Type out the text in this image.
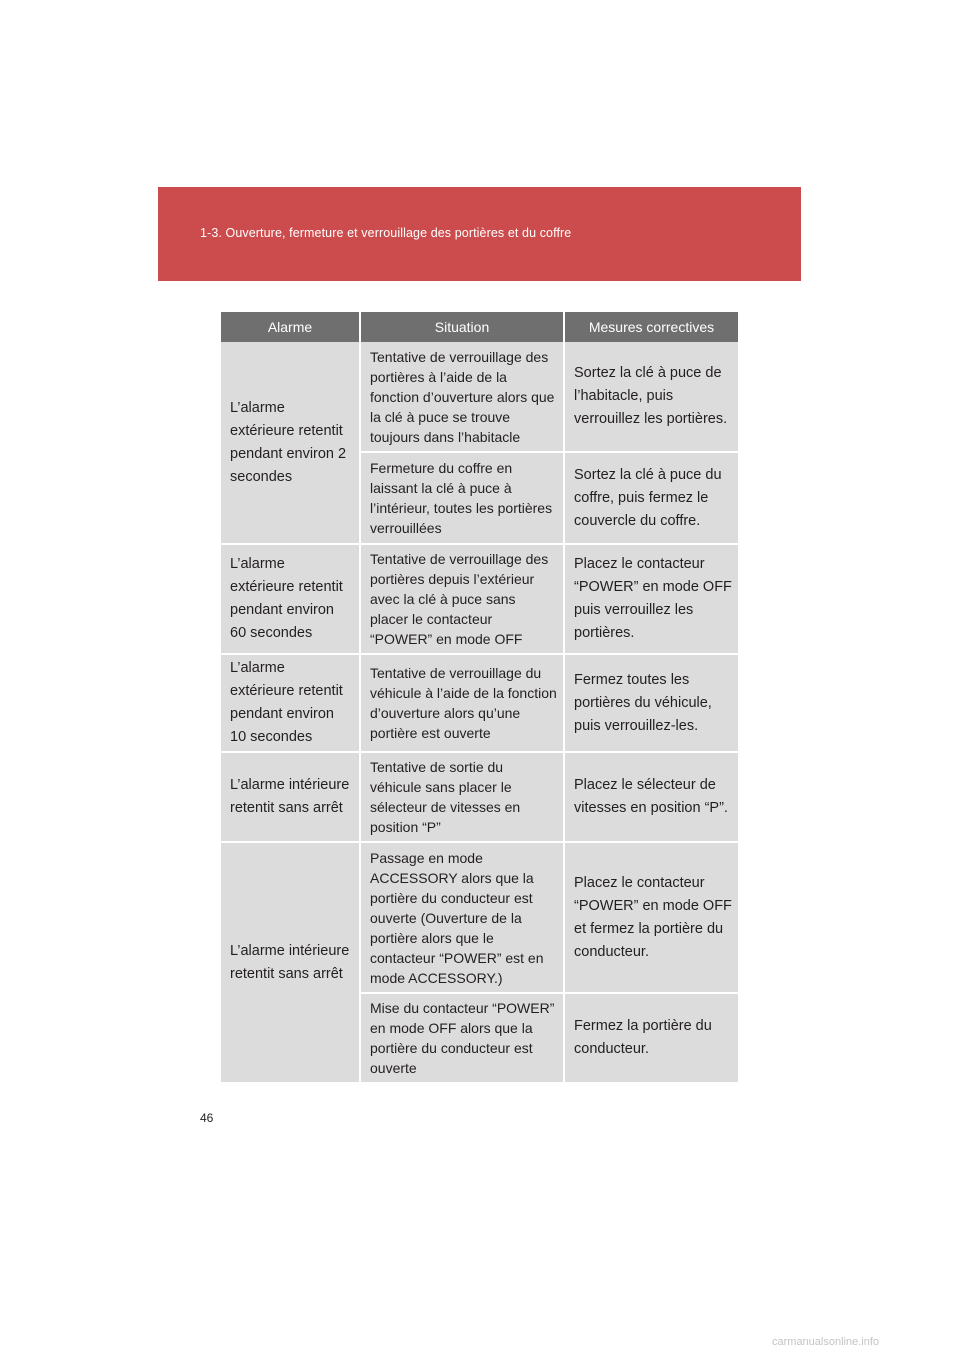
1-3. Ouverture, fermeture et verrouillage des portières et du coffre
Alarme	Situation	Mesures correctives
L’alarme extérieure retentit pendant environ 2 secondes	Tentative de verrouillage des portières à l’aide de la fonction d’ouverture alors que la clé à puce se trouve toujours dans l’habitacle	Sortez la clé à puce de l’habitacle, puis verrouillez les portières.
	Fermeture du coffre en laissant la clé à puce à l’intérieur, toutes les portières verrouillées	Sortez la clé à puce du coffre, puis fermez le couvercle du coffre.
L’alarme extérieure retentit pendant environ 60 secondes	Tentative de verrouillage des portières depuis l’extérieur avec la clé à puce sans placer le contacteur “POWER” en mode OFF	Placez le contacteur “POWER” en mode OFF puis verrouillez les portières.
L’alarme extérieure retentit pendant environ 10 secondes	Tentative de verrouillage du véhicule à l’aide de la fonction d’ouverture alors qu’une portière est ouverte	Fermez toutes les portières du véhicule, puis verrouillez-les.
L’alarme intérieure retentit sans arrêt	Tentative de sortie du véhicule sans placer le sélecteur de vitesses en position “P”	Placez le sélecteur de vitesses en position “P”.
L’alarme intérieure retentit sans arrêt	Passage en mode ACCESSORY alors que la portière du conducteur est ouverte (Ouverture de la portière alors que le contacteur “POWER” est en mode ACCESSORY.)	Placez le contacteur “POWER” en mode OFF et fermez la portière du conducteur.
	Mise du contacteur “POWER” en mode OFF alors que la portière du conducteur est ouverte	Fermez la portière du conducteur.
46
carmanualsonline.info
